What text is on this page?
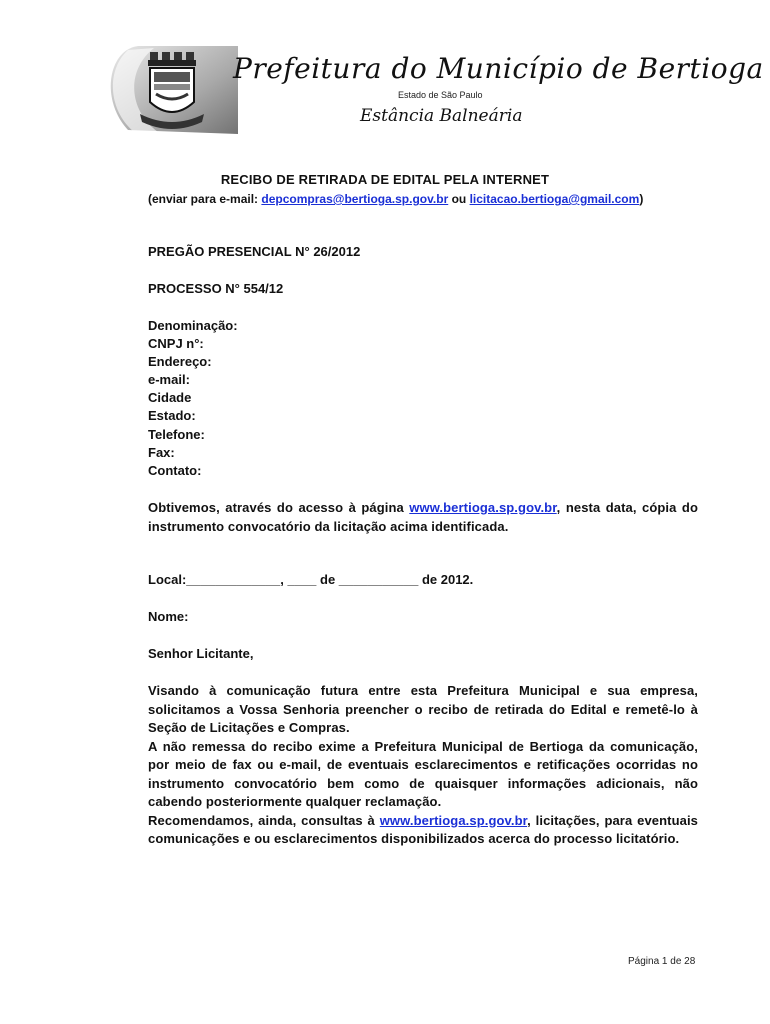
Prefeitura do Município de Bertioga
Estado de São Paulo
Estância Balneária
RECIBO DE RETIRADA DE EDITAL PELA INTERNET
(enviar para e-mail: depcompras@bertioga.sp.gov.br ou licitacao.bertioga@gmail.com)
PREGÃO PRESENCIAL N° 26/2012
PROCESSO N° 554/12
Denominação:
CNPJ n°:
Endereço:
e-mail:
Cidade
Estado:
Telefone:
Fax:
Contato:
Obtivemos, através do acesso à página www.bertioga.sp.gov.br, nesta data, cópia do instrumento convocatório da licitação acima identificada.
Local:_____________, ____ de ___________ de 2012.
Nome:
Senhor Licitante,

Visando à comunicação futura entre esta Prefeitura Municipal e sua empresa, solicitamos a Vossa Senhoria preencher o recibo de retirada do Edital e remetê-lo à Seção de Licitações e Compras.

A não remessa do recibo exime a Prefeitura Municipal de Bertioga da comunicação, por meio de fax ou e-mail, de eventuais esclarecimentos e retificações ocorridas no instrumento convocatório bem como de quaisquer informações adicionais, não cabendo posteriormente qualquer reclamação.

Recomendamos, ainda, consultas à www.bertioga.sp.gov.br, licitações, para eventuais comunicações e ou esclarecimentos disponibilizados acerca do processo licitatório.

Página 1 de 28
